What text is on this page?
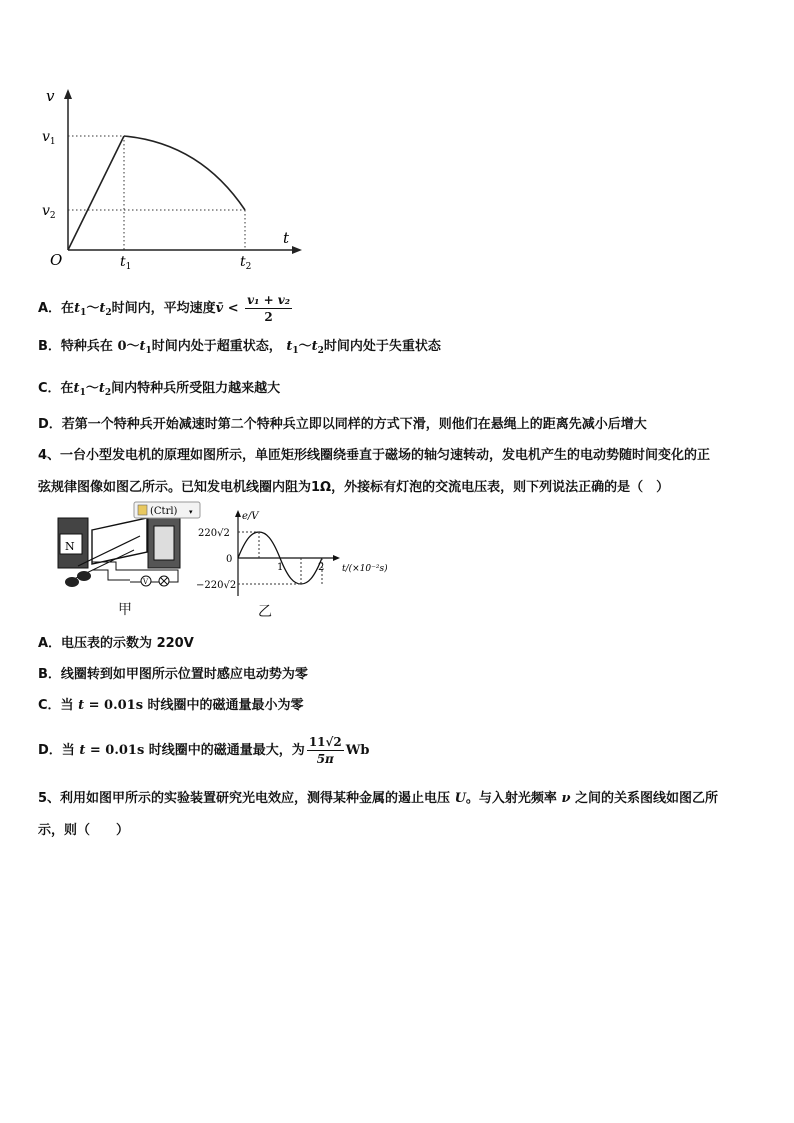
v
t
O
$v_1$
$v_2$
$t_1$	$t_2$
A．在$t_1\sim t_2$时间内，平均速度v̄ < $\frac{\text{v₁ + v₂}}{2}$
B．特种兵在 $0\sim t_1$时间内处于超重状态， $t_1\sim t_2$时间内处于失重状态
C．在$t_1\sim t_2$间内特种兵所受阻力越来越大
D．若第一个特种兵开始减速时第二个特种兵立即以同样的方式下滑，则他们在悬绳上的距离先减小后增大
4、一台小型发电机的原理如图所示，单匝矩形线圈绕垂直于磁场的轴匀速转动，发电机产生的电动势随时间变化的正
弦规律图像如图乙所示。已知发电机线圈内阻为1Ω，外接标有灯泡的交流电压表，则下列说法正确的是（　）
N
V
(Ctrl) ▾
甲
e/V
220√2
0
−220√2
1	2 t/(×10⁻²s)
乙
A．电压表的示数为 220V
B．线圈转到如甲图所示位置时感应电动势为零
C．当 t = 0.01s 时线圈中的磁通量最小为零
D．当 t = 0.01s 时线圈中的磁通量最大，为 $\frac{11√2}{5\pi}$ Wb
5、利用如图甲所示的实验装置研究光电效应，测得某种金属的遏止电压 U。与入射光频率 ν 之间的关系图线如图乙所
示，则（　　）
